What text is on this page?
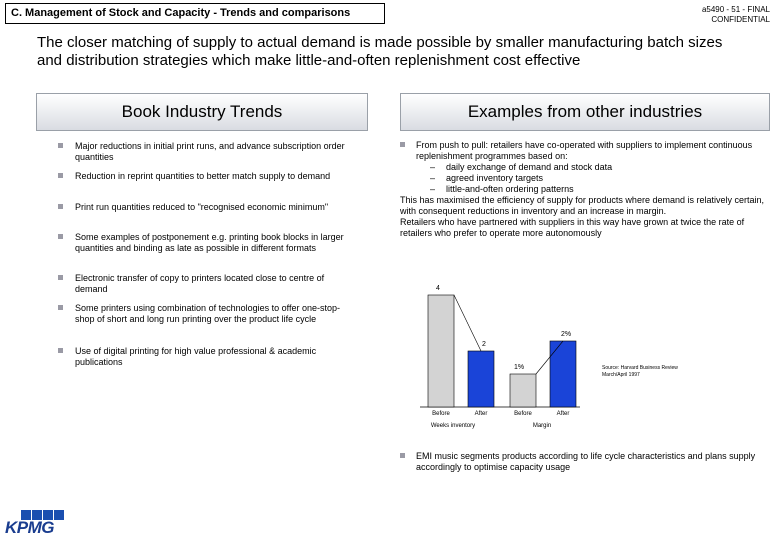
C. Management of Stock and Capacity - Trends and comparisons	a5490 - 51 - FINAL
CONFIDENTIAL
The closer matching of supply to actual demand is made possible by smaller manufacturing batch sizes and distribution strategies which make little-and-often replenishment cost effective
Book Industry Trends	Examples from other industries
Major reductions in initial print runs, and advance subscription order quantities
Reduction in reprint quantities to better match supply to demand
Print run quantities reduced to "recognised economic minimum"
Some examples of postponement e.g. printing book blocks in larger quantities and binding as late as possible in different formats
Electronic transfer of copy to printers located close to centre of demand
Some printers using combination of technologies to offer one-stop-shop of short and long run printing over the product life cycle
Use of digital printing for high value professional & academic publications
From push to pull: retailers have co-operated with suppliers to implement continuous replenishment programmes based on:
– daily exchange of demand and stock data
– agreed inventory targets
– little-and-often ordering patterns
This has maximised the efficiency of supply for products where demand is relatively certain, with consequent reductions in inventory and an increase in margin.
Retailers who have partnered with suppliers in this way have grown at twice the rate of retailers who prefer to operate more autonomously
4
Before
2
After
Weeks inventory
1%
Before
2%
After
Margin
Source: Harvard Business Review
March/April 1997
EMI music segments products according to life cycle characteristics and plans supply accordingly to optimise capacity usage
KPMG
